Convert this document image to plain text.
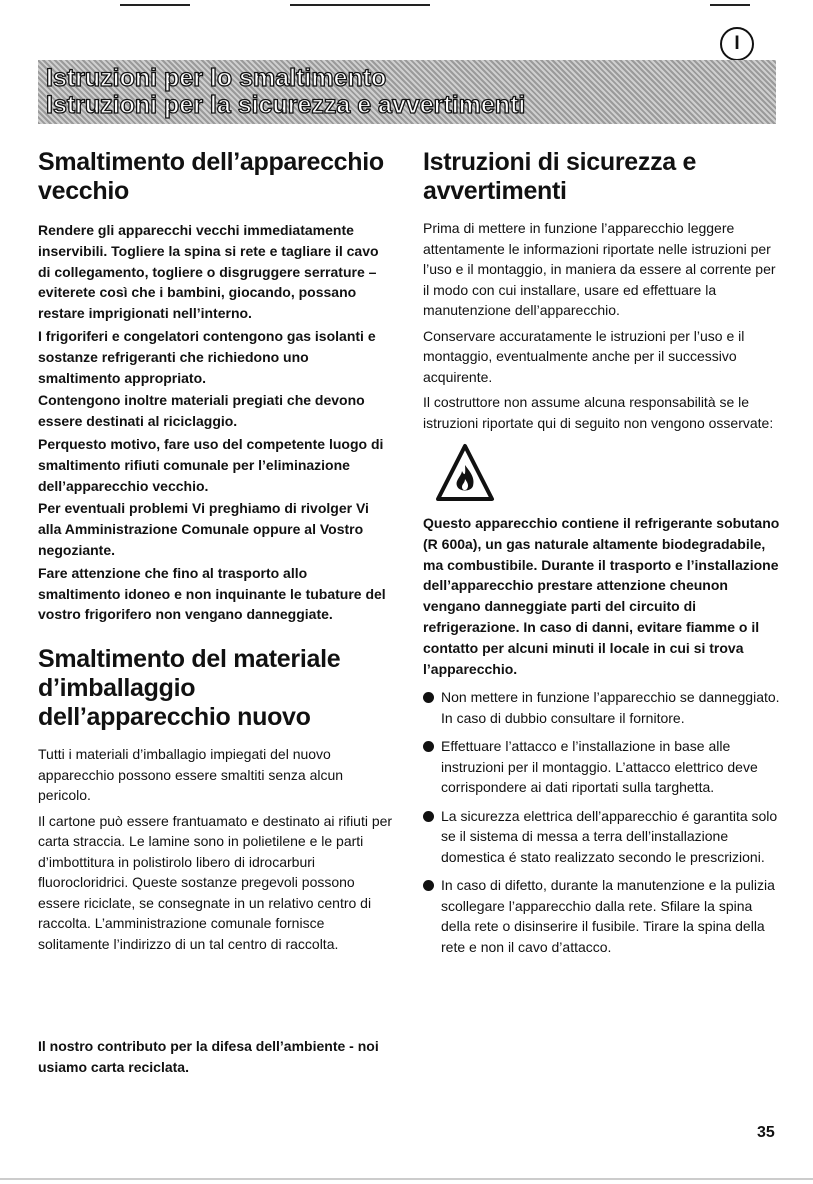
I
Istruzioni per lo smaltimento
Istruzioni per la sicurezza e avvertimenti
Smaltimento dell’apparecchio vecchio

Rendere gli apparecchi vecchi immediatamente inservibili. Togliere la spina si rete e tagliare il cavo di collegamento, togliere o disgruggere serrature – eviterete così che i bambini, giocando, possano restare imprigionati nell’interno.

I frigoriferi e congelatori contengono gas isolanti e sostanze refrigeranti che richiedono uno smaltimento appropriato.

Contengono inoltre materiali pregiati che devono essere destinati al riciclaggio.

Perquesto motivo, fare uso del competente luogo di smaltimento rifiuti comunale per l’eliminazione dell’apparecchio vecchio.

Per eventuali problemi Vi preghiamo di rivolger Vi alla Amministrazione Comunale oppure al Vostro negoziante.

Fare attenzione che fino al trasporto allo smaltimento idoneo e non inquinante le tubature del vostro frigorifero non vengano danneggiate.

Smaltimento del materiale d’imballaggio dell’apparecchio nuovo

Tutti i materiali d’imballagio impiegati del nuovo apparecchio possono essere smaltiti senza alcun pericolo.

Il cartone può essere frantuamato e destinato ai rifiuti per carta straccia. Le lamine sono in polietilene e le parti d’imbottitura in polistirolo libero di idrocarburi fluorocloridrici. Queste sostanze pregevoli possono essere riciclate, se consegnate in un relativo centro di raccolta. L’amministrazione comunale fornisce solitamente l’indirizzo di un tal centro di raccolta.

Il nostro contributo per la difesa dell’ambiente - noi usiamo carta reciclata.

Istruzioni di sicurezza e avvertimenti

Prima di mettere in funzione l’apparecchio leggere attentamente le informazioni riportate nelle istruzioni per l’uso e il montaggio, in maniera da essere al corrente per il modo con cui installare, usare ed effettuare la manutenzione dell’apparecchio.

Conservare accuratamente le istruzioni per l’uso e il montaggio, eventualmente anche per il successivo acquirente.

Il costruttore non assume alcuna responsabilità se le istruzioni riportate qui di seguito non vengono osservate:

Questo apparecchio contiene il refrigerante sobutano (R 600a), un gas naturale altamente biodegradabile, ma combustibile. Durante il trasporto e l’installazione dell’apparecchio prestare attenzione cheunon vengano danneggiate parti del circuito di refrigerazione. In caso di danni, evitare fiamme o il contatto per alcuni minuti il locale in cui si trova l’apparecchio.

Non mettere in funzione l’apparecchio se danneggiato. In caso di dubbio consultare il fornitore.
Effettuare l’attacco e l’installazione in base alle instruzioni per il montaggio. L’attacco elettrico deve corrispondere ai dati riportati sulla targhetta.
La sicurezza elettrica dell’apparecchio é garantita solo se il sistema di messa a terra dell’installazione domestica é stato realizzato secondo le prescrizioni.
In caso di difetto, durante la manutenzione e la pulizia scollegare l’apparecchio dalla rete. Sfilare la spina della rete o disinserire il fusibile. Tirare la spina della rete e non il cavo d’attacco.
35
